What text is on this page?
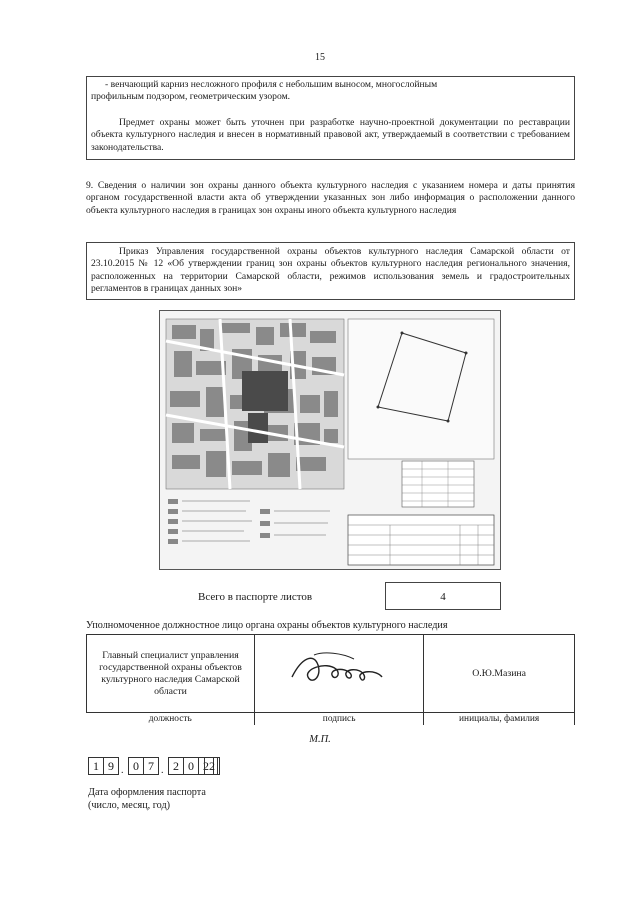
15
- венчающий карниз несложного профиля с небольшим выносом, многослойным
профильным подзором, геометрическим узором.
Предмет охраны может быть уточнен при разработке научно-проектной документации по реставрации объекта культурного наследия и внесен в нормативный правовой акт, утверждаемый в соответствии с требованием законодательства.
9. Сведения о наличии зон охраны данного объекта культурного наследия с указанием номера и даты принятия органом государственной власти акта об утверждении указанных зон либо информация о расположении данного объекта культурного наследия в границах зон охраны иного объекта культурного наследия
Приказ Управления государственной охраны объектов культурного наследия Самарской области от 23.10.2015 № 12 «Об утверждении границ зон охраны объектов культурного наследия регионального значения, расположенных на территории Самарской области, режимов использования земель и градостроительных регламентов в границах данных зон»
Всего в паспорте листов	4
Уполномоченное должностное лицо органа охраны объектов культурного наследия
Главный специалист управления государственной охраны объектов культурного наследия Самарской области		О.Ю.Мазина
должность	подпись	инициалы, фамилия
М.П.
1 9 . 0 7 . 2 0 2 2
Дата оформления паспорта
(число, месяц, год)
